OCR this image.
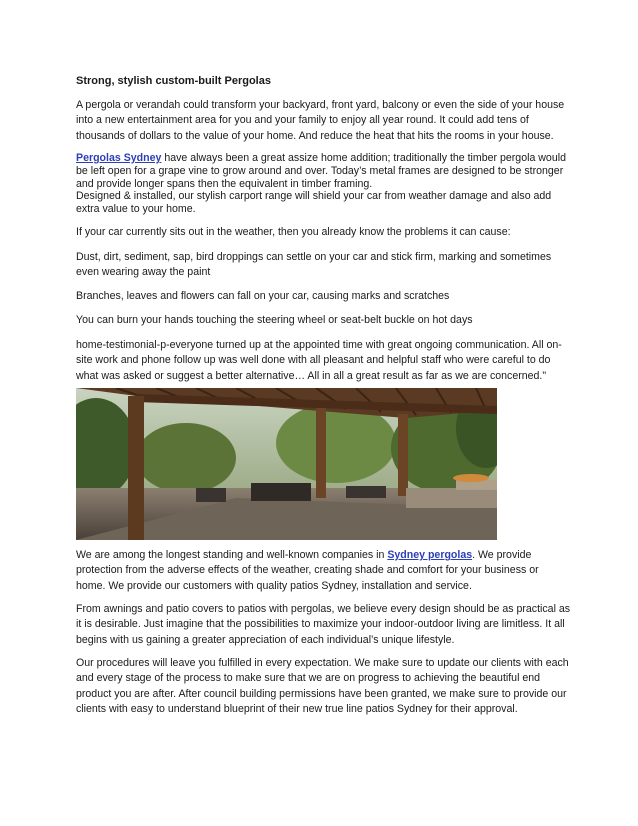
Strong, stylish custom-built Pergolas

A pergola or verandah could transform your backyard, front yard, balcony or even the side of your house
into a new entertainment area for you and your family to enjoy all year round. It could add tens of
thousands of dollars to the value of your home. And reduce the heat that hits the rooms in your house.

Pergolas Sydney have always been a great assize home addition; traditionally the timber pergola would
be left open for a grape vine to grow around and over. Today’s metal frames are designed to be stronger
and provide longer spans then the equivalent in timber framing.
Designed & installed, our stylish carport range will shield your car from weather damage and also add
extra value to your home.

If your car currently sits out in the weather, then you already know the problems it can cause:

Dust, dirt, sediment, sap, bird droppings can settle on your car and stick firm, marking and sometimes
even wearing away the paint

Branches, leaves and flowers can fall on your car, causing marks and scratches

You can burn your hands touching the steering wheel or seat-belt buckle on hot days

home-testimonial-p-everyone turned up at the appointed time with great ongoing communication. All on-
site work and phone follow up was well done with all pleasant and helpful staff who were careful to do
what was asked or suggest a better alternative… All in all a great result as far as we are concerned."

We are among the longest standing and well-known companies in Sydney pergolas. We provide
protection from the adverse effects of the weather, creating shade and comfort for your business or
home. We provide our customers with quality patios Sydney, installation and service.

From awnings and patio covers to patios with pergolas, we believe every design should be as practical as
it is desirable. Just imagine that the possibilities to maximize your indoor-outdoor living are limitless. It all
begins with us gaining a greater appreciation of each individual’s unique lifestyle.

Our procedures will leave you fulfilled in every expectation. We make sure to update our clients with each
and every stage of the process to make sure that we are on progress to achieving the beautiful end
product you are after. After council building permissions have been granted, we make sure to provide our
clients with easy to understand blueprint of their new true line patios Sydney for their approval.
